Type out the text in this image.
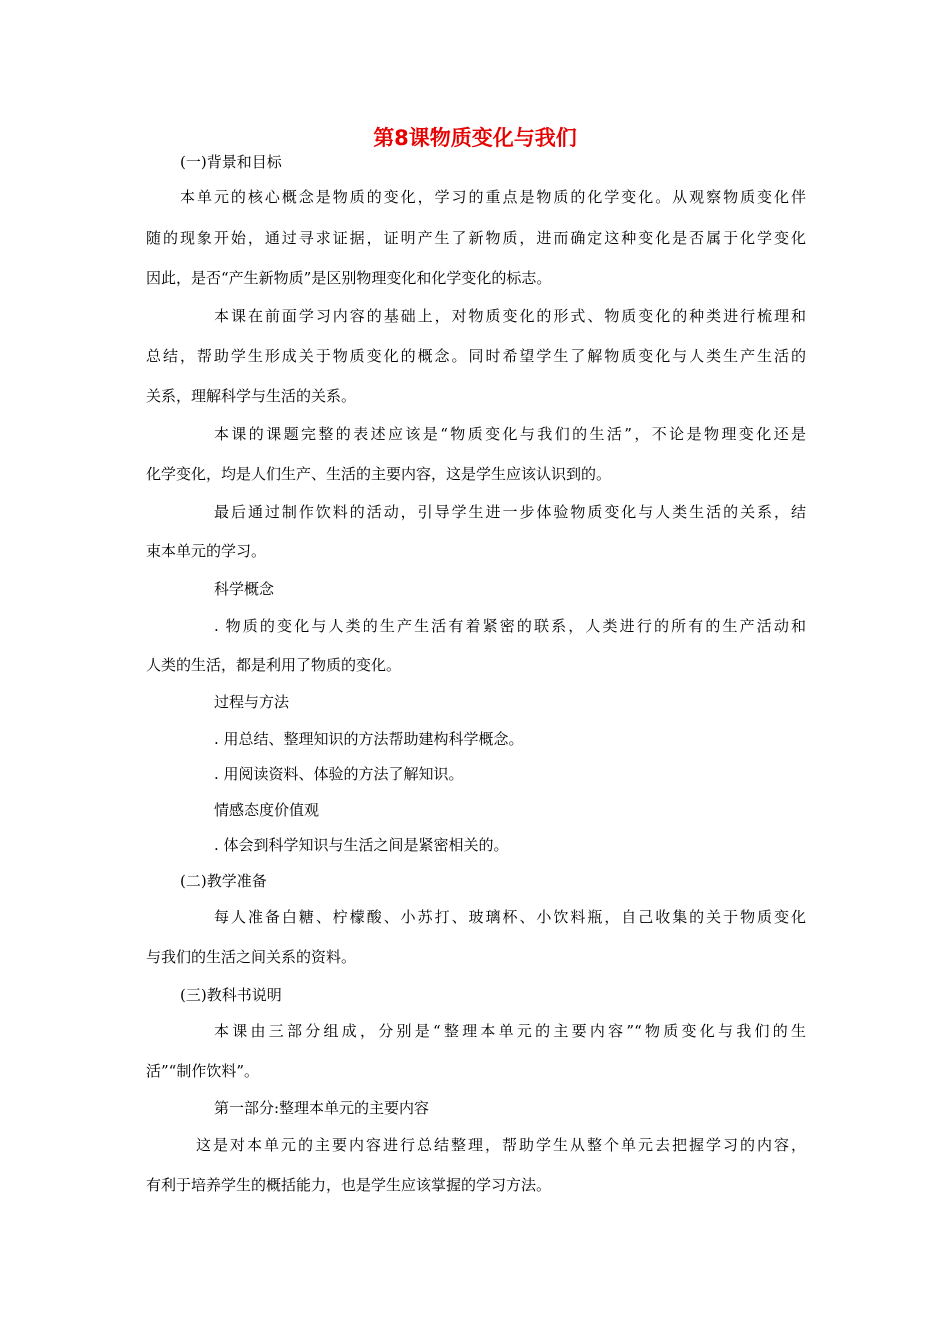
第8课物质变化与我们
(一)背景和目标
本单元的核心概念是物质的变化，学习的重点是物质的化学变化。从观察物质变化伴
随的现象开始，通过寻求证据，证明产生了新物质，进而确定这种变化是否属于化学变化
因此，是否“产生新物质”是区别物理变化和化学变化的标志。
本课在前面学习内容的基础上，对物质变化的形式、物质变化的种类进行梳理和
总结，帮助学生形成关于物质变化的概念。同时希望学生了解物质变化与人类生产生活的
关系，理解科学与生活的关系。
本课的课题完整的表述应该是“物质变化与我们的生活”，不论是物理变化还是
化学变化，均是人们生产、生活的主要内容，这是学生应该认识到的。
最后通过制作饮料的活动，引导学生进一步体验物质变化与人类生活的关系，结
束本单元的学习。
科学概念
. 物质的变化与人类的生产生活有着紧密的联系，人类进行的所有的生产活动和
人类的生活，都是利用了物质的变化。
过程与方法
. 用总结、整理知识的方法帮助建构科学概念。
. 用阅读资料、体验的方法了解知识。
情感态度价值观
. 体会到科学知识与生活之间是紧密相关的。
(二)教学准备
每人准备白糖、柠檬酸、小苏打、玻璃杯、小饮料瓶，自己收集的关于物质变化
与我们的生活之间关系的资料。
(三)教科书说明
本课由三部分组成，分别是“整理本单元的主要内容”“物质变化与我们的生
活”“制作饮料”。
第一部分:整理本单元的主要内容
这是对本单元的主要内容进行总结整理，帮助学生从整个单元去把握学习的内容，
有利于培养学生的概括能力，也是学生应该掌握的学习方法。
